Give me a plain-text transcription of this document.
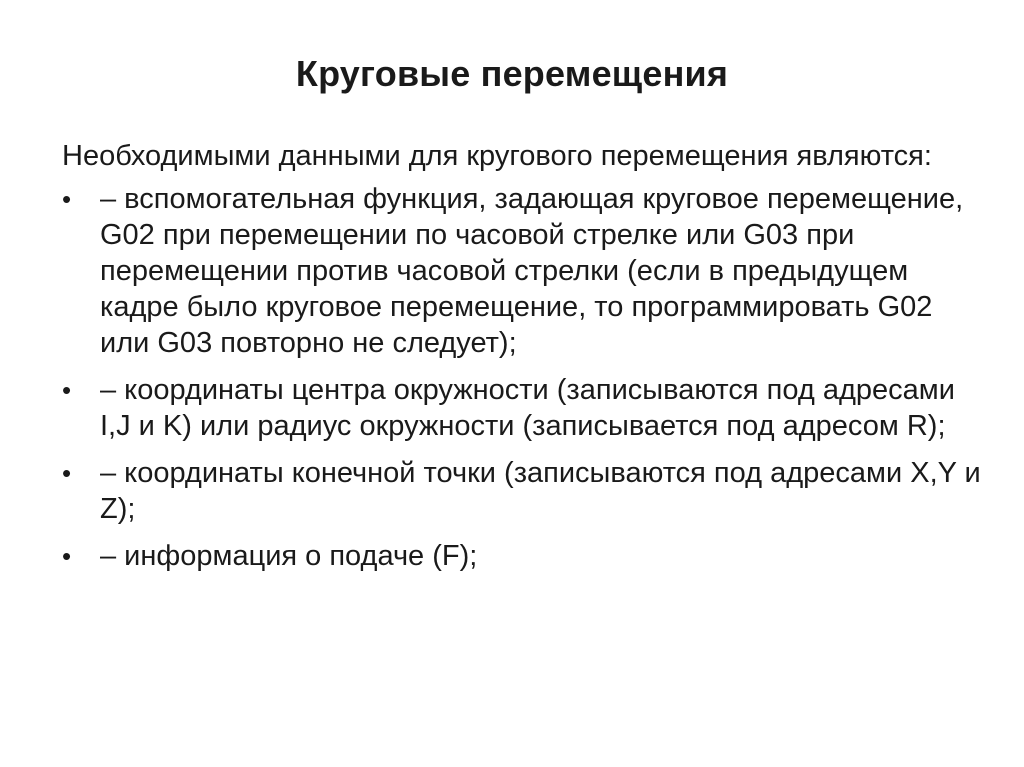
Круговые перемещения
Необходимыми данными для кругового перемещения являются:
• – вспомогательная функция, задающая круговое перемещение, G02 при перемещении по часовой стрелке или G03 при перемещении против часовой стрелки (если в предыдущем кадре было круговое перемещение, то программировать G02 или G03 повторно не следует);
• – координаты центра окружности (записываются под адресами I,J и K) или радиус окружности (записывается под адресом R);
• – координаты конечной точки (записываются под адресами X,Y и Z);
• – информация о подаче (F);
